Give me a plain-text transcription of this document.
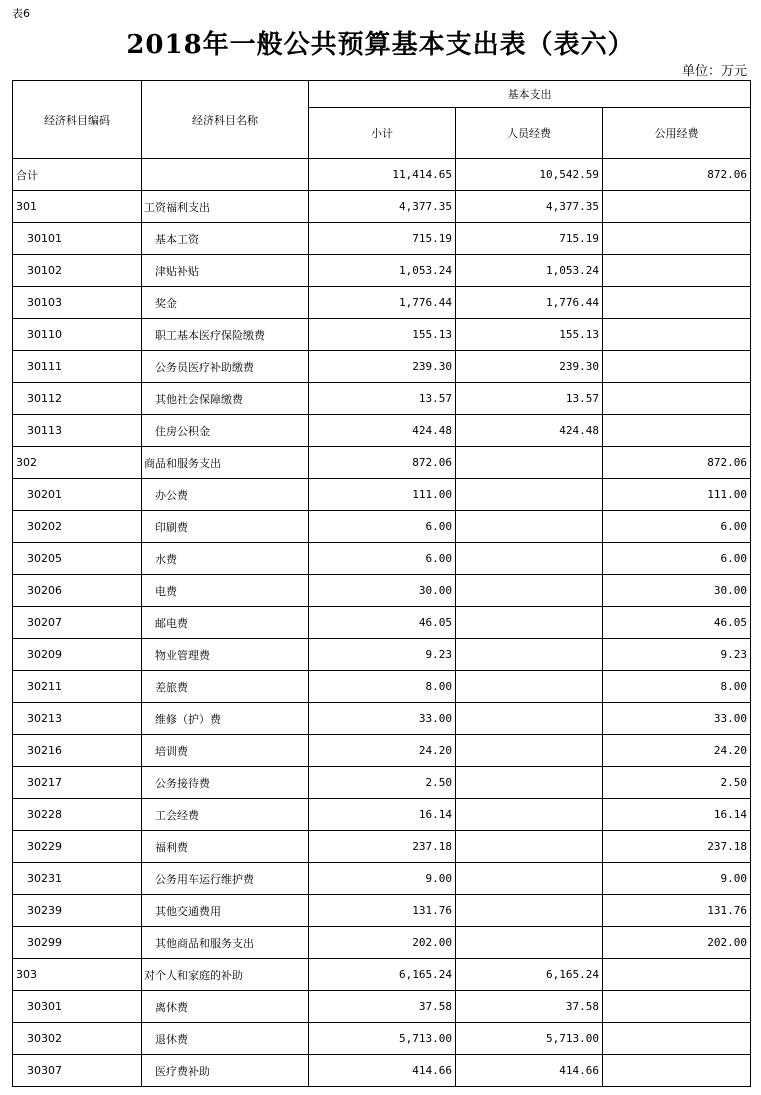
表6
2018年一般公共预算基本支出表（表六）
单位：万元
经济科目编码	经济科目名称	基本支出		
		小计	人员经费	公用经费
合计		11,414.65	10,542.59	872.06
301	工资福利支出	4,377.35	4,377.35	
30101	基本工资	715.19	715.19	
30102	津贴补贴	1,053.24	1,053.24	
30103	奖金	1,776.44	1,776.44	
30110	职工基本医疗保险缴费	155.13	155.13	
30111	公务员医疗补助缴费	239.30	239.30	
30112	其他社会保障缴费	13.57	13.57	
30113	住房公积金	424.48	424.48	
302	商品和服务支出	872.06		872.06
30201	办公费	111.00		111.00
30202	印刷费	6.00		6.00
30205	水费	6.00		6.00
30206	电费	30.00		30.00
30207	邮电费	46.05		46.05
30209	物业管理费	9.23		9.23
30211	差旅费	8.00		8.00
30213	维修（护）费	33.00		33.00
30216	培训费	24.20		24.20
30217	公务接待费	2.50		2.50
30228	工会经费	16.14		16.14
30229	福利费	237.18		237.18
30231	公务用车运行维护费	9.00		9.00
30239	其他交通费用	131.76		131.76
30299	其他商品和服务支出	202.00		202.00
303	对个人和家庭的补助	6,165.24	6,165.24	
30301	离休费	37.58	37.58	
30302	退休费	5,713.00	5,713.00	
30307	医疗费补助	414.66	414.66	
